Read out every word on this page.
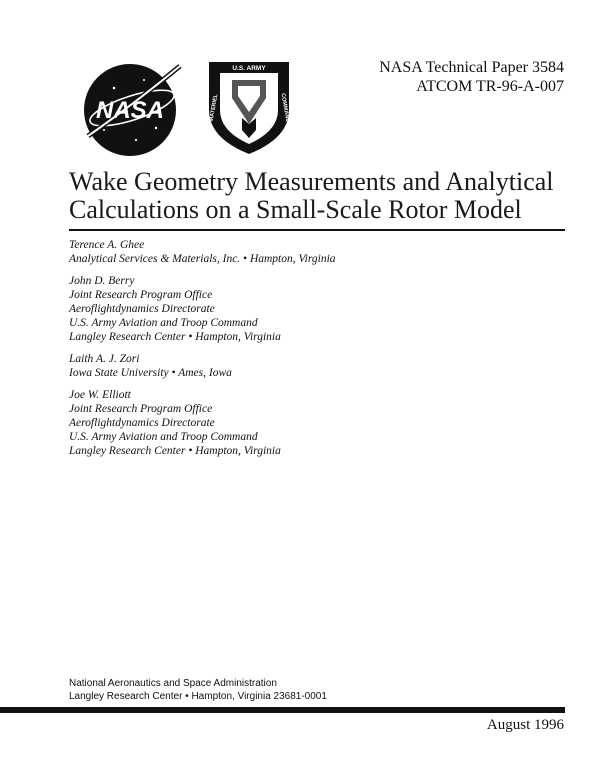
NASA
U.S. ARMY
MATERIEL	COMMAND
NASA Technical Paper 3584
ATCOM TR-96-A-007
Wake Geometry Measurements and Analytical
Calculations on a Small-Scale Rotor Model
Terence A. Ghee
Analytical Services & Materials, Inc. • Hampton, Virginia
John D. Berry
Joint Research Program Office
Aeroflightdynamics Directorate
U.S. Army Aviation and Troop Command
Langley Research Center • Hampton, Virginia
Laith A. J. Zori
Iowa State University • Ames, Iowa
Joe W. Elliott
Joint Research Program Office
Aeroflightdynamics Directorate
U.S. Army Aviation and Troop Command
Langley Research Center • Hampton, Virginia
National Aeronautics and Space Administration
Langley Research Center • Hampton, Virginia 23681-0001
August 1996
